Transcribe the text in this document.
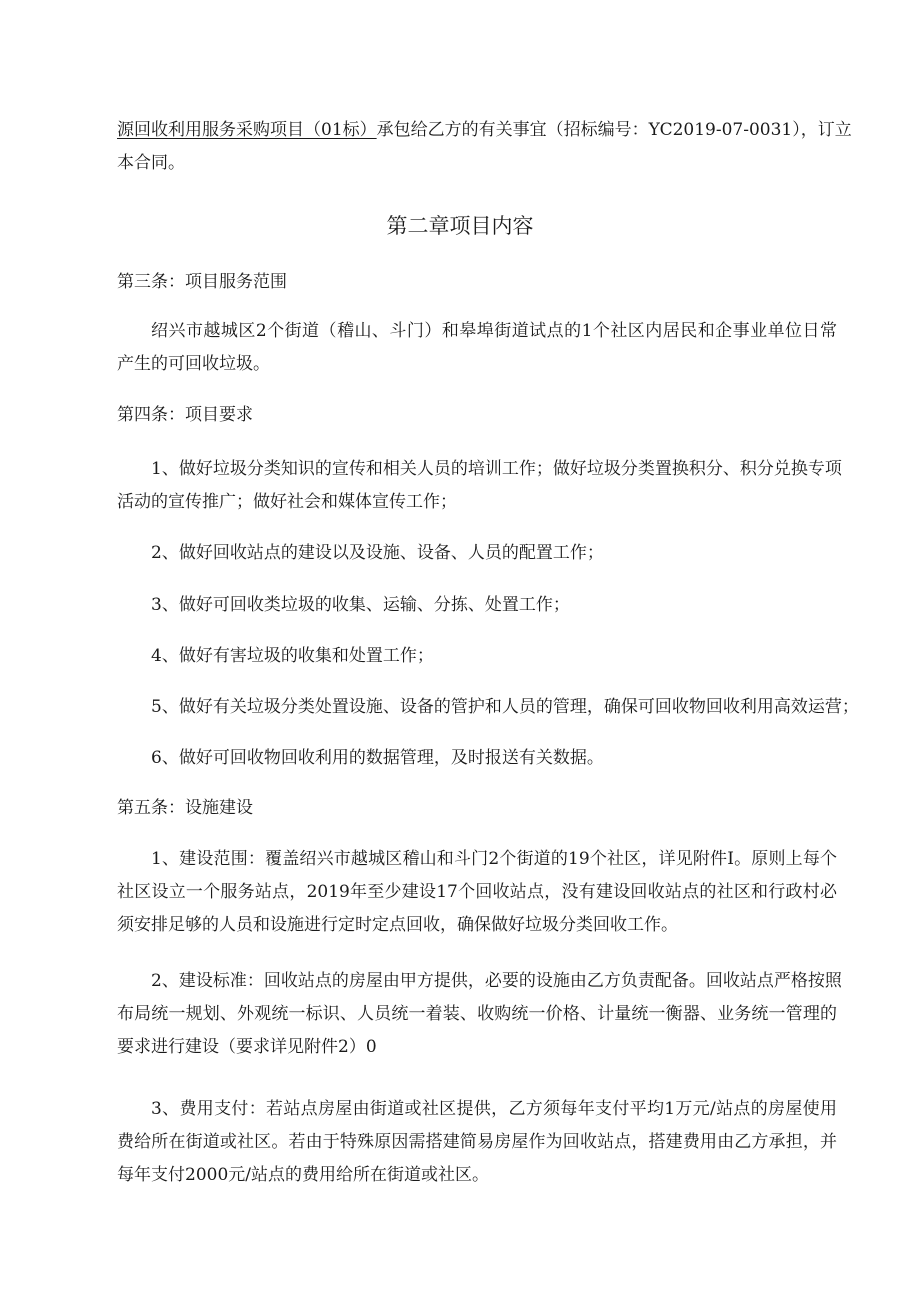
源回收利用服务采购项目（01标）承包给乙方的有关事宜（招标编号：YC2019-07-0031），订立
本合同。
第二章项目内容
第三条：项目服务范围
绍兴市越城区2个街道（稽山、斗门）和皋埠街道试点的1个社区内居民和企事业单位日常
产生的可回收垃圾。
第四条：项目要求
1、做好垃圾分类知识的宣传和相关人员的培训工作；做好垃圾分类置换积分、积分兑换专项
活动的宣传推广；做好社会和媒体宣传工作；
2、做好回收站点的建设以及设施、设备、人员的配置工作；
3、做好可回收类垃圾的收集、运输、分拣、处置工作；
4、做好有害垃圾的收集和处置工作；
5、做好有关垃圾分类处置设施、设备的管护和人员的管理，确保可回收物回收利用高效运营；
6、做好可回收物回收利用的数据管理，及时报送有关数据。
第五条：设施建设
1、建设范围：覆盖绍兴市越城区稽山和斗门2个街道的19个社区，详见附件I。原则上每个
社区设立一个服务站点，2019年至少建设17个回收站点，没有建设回收站点的社区和行政村必
须安排足够的人员和设施进行定时定点回收，确保做好垃圾分类回收工作。
2、建设标准：回收站点的房屋由甲方提供，必要的设施由乙方负责配备。回收站点严格按照
布局统一规划、外观统一标识、人员统一着装、收购统一价格、计量统一衡器、业务统一管理的
要求进行建设（要求详见附件2）0
3、费用支付：若站点房屋由街道或社区提供，乙方须每年支付平均1万元/站点的房屋使用
费给所在街道或社区。若由于特殊原因需搭建简易房屋作为回收站点，搭建费用由乙方承担，并
每年支付2000元/站点的费用给所在街道或社区。
